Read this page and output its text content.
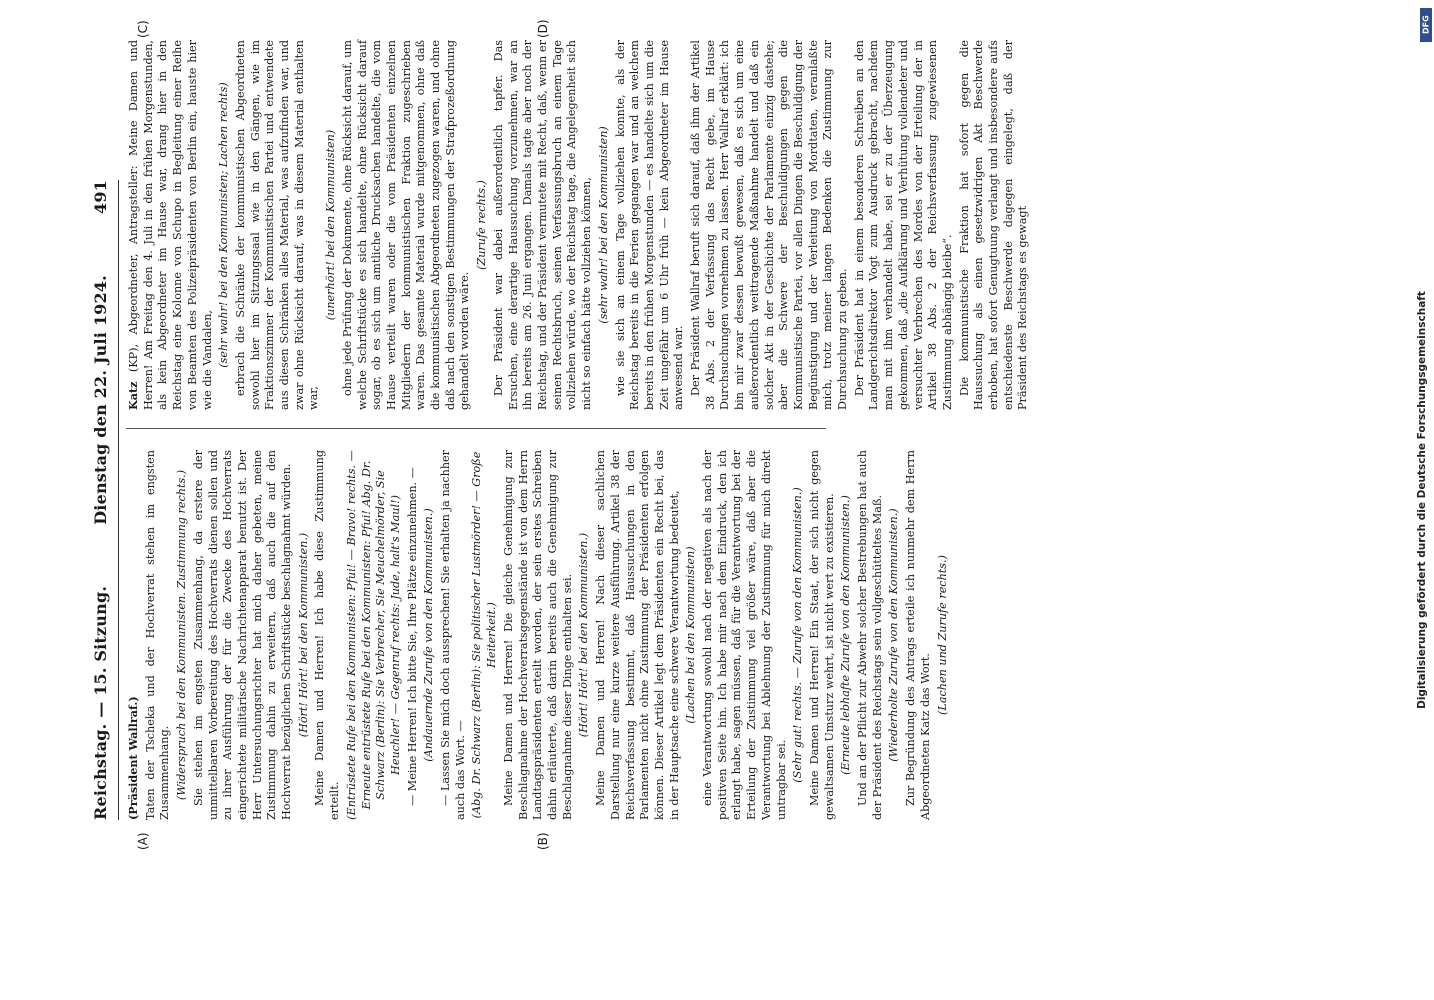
Reichstag. — 15. Sitzung.
Dienstag den 22. Juli 1924.
491
(A)	(B)
(C)	(D)

(Präsident Wallraf.) Taten der Tscheka und der Hochverrat stehen im engsten Zusammenhang. (Widerspruch bei den Kommunisten. Zustimmung rechts.) Sie stehen im engsten Zusammenhang, da erstere der unmittelbaren Vorbereitung des Hochverrats dienen sollen und zu ihrer Ausführung der für die Zwecke des Hochverrats eingerichtete militärische Nachrichtenapparat benutzt ist. Der Herr Untersuchungsrichter hat mich daher gebeten, meine Zustimmung dahin zu erweitern, daß auch die auf den Hochverrat bezüglichen Schriftstücke beschlagnahmt würden. (Hört! Hört! bei den Kommunisten.) Meine Damen und Herren! Ich habe diese Zustimmung erteilt. (Entrüstete Rufe bei den Kommunisten: Pfui! — Bravo! rechts. — Erneute entrüstete Rufe bei den Kommunisten: Pfui! Abg. Dr. Schwarz (Berlin): Sie Verbrecher, Sie Meuchelmörder, Sie Heuchler! — Gegenruf rechts: Jude, halt's Maul!) — Meine Herren! Ich bitte Sie, Ihre Plätze einzunehmen. — (Andauernde Zurufe von den Kommunisten.) — Lassen Sie mich doch aussprechen! Sie erhalten ja nachher auch das Wort. — (Abg. Dr. Schwarz (Berlin): Sie politischer Lustmörder! — Große Heiterkeit.) Meine Damen und Herren! Die gleiche Genehmigung zur Beschlagnahme der Hochverratsgegenstände ist von dem Herrn Landtagspräsidenten erteilt worden, der sein erstes Schreiben dahin erläuterte, daß darin bereits auch die Genehmigung zur Beschlagnahme dieser Dinge enthalten sei. (Hört! Hört! bei den Kommunisten.) Meine Damen und Herren! Nach dieser sachlichen Darstellung nur eine kurze weitere Ausführung. Artikel 38 der Reichsverfassung bestimmt, daß Haussuchungen in den Parlamenten nicht ohne Zustimmung der Präsidenten erfolgen können. Dieser Artikel legt dem Präsidenten ein Recht bei, das in der Hauptsache eine schwere Verantwortung bedeutet, (Lachen bei den Kommunisten) eine Verantwortung sowohl nach der negativen als nach der positiven Seite hin. Ich habe mir nach dem Eindruck, den ich erlangt habe, sagen müssen, daß für die Verantwortung bei der Erteilung der Zustimmung viel größer wäre, daß aber die Verantwortung bei Ablehnung der Zustimmung für mich direkt untragbar sei. (Sehr gut! rechts. — Zurufe von den Kommunisten.) Meine Damen und Herren! Ein Staat, der sich nicht gegen gewaltsamen Umsturz wehrt, ist nicht wert zu existieren. (Erneute lebhafte Zurufe von den Kommunisten.) Und an der Pflicht zur Abwehr solcher Bestrebungen hat auch der Präsident des Reichstags sein vollgeschütteltes Maß. (Wiederholte Zurufe von den Kommunisten.) Zur Begründung des Antrags erteile ich nunmehr dem Herrn Abgeordneten Katz das Wort.

(Lachen und Zurufe rechts.)

Katz (KP), Abgeordneter, Antragsteller: Meine Damen und Herren! Am Freitag den 4. Juli in den frühen Morgenstunden, als kein Abgeordneter im Hause war, drang hier in den Reichstag eine Kolonne von Schupo in Begleitung einer Reihe von Beamten des Polizeipräsidenten von Berlin ein, hauste hier wie die Vandalen, (sehr wahr! bei den Kommunisten; Lachen rechts) erbrach die Schränke der kommunistischen Abgeordneten sowohl hier im Sitzungssaal wie in den Gängen, wie im Fraktionszimmer der Kommunistischen Partei und entwendete aus diesen Schränken alles Material, was aufzufinden war, und zwar ohne Rücksicht darauf, was in diesem Material enthalten war,

(unerhört! bei den Kommunisten) ohne jede Prüfung der Dokumente, ohne Rücksicht darauf, um welche Schriftstücke es sich handelte, ohne Rücksicht darauf sogar, ob es sich um amtliche Drucksachen handelte, die vom Hause verteilt waren oder die vom Präsidenten einzelnen Mitgliedern der kommunistischen Fraktion zugeschrieben waren. Das gesamte Material wurde mitgenommen, ohne daß die kommunistischen Abgeordneten zugezogen waren, und ohne daß nach den sonstigen Bestimmungen der Strafprozeßordnung gehandelt worden wäre.

(Zurufe rechts.) Der Präsident war dabei außerordentlich tapfer. Das Ersuchen, eine derartige Haussuchung vorzunehmen, war an ihn bereits am 26. Juni ergangen. Damals tagte aber noch der Reichstag, und der Präsident vermutete mit Recht, daß, wenn er seinen Rechtsbruch, seinen Verfassungsbruch an einem Tage vollziehen würde, wo der Reichstag tage, die Angelegenheit sich nicht so einfach hätte vollziehen können, (sehr wahr! bei den Kommunisten) wie sie sich an einem Tage vollziehen konnte, als der Reichstag bereits in die Ferien gegangen war und an welchem bereits in den frühen Morgenstunden — es handelte sich um die Zeit ungefähr um 6 Uhr früh — kein Abgeordneter im Hause anwesend war. Der Präsident Wallraf beruft sich darauf, daß ihm der Artikel 38 Abs. 2 der Verfassung das Recht gebe, im Hause Durchsuchungen vornehmen zu lassen. Herr Wallraf erklärt: ich bin mir zwar dessen bewußt gewesen, daß es sich um eine außerordentlich weittragende Maßnahme handelt und daß ein solcher Akt in der Geschichte der Parlamente einzig dastehe; aber die Schwere der Beschuldigungen gegen die Kommunistische Partei, vor allen Dingen die Beschuldigung der Begünstigung und der Verleitung von Mordtaten, veranlaßte mich, trotz meiner langen Bedenken die Zustimmung zur Durchsuchung zu geben. Der Präsident hat in einem besonderen Schreiben an den Landgerichtsdirektor Vogt zum Ausdruck gebracht, nachdem man mit ihm verhandelt habe, sei er zu der Überzeugung gekommen, daß „die Aufklärung und Verhütung vollendeter und versuchter Verbrechen des Mordes von der Erteilung der in Artikel 38 Abs. 2 der Reichsverfassung zugewiesenen Zustimmung abhängig bleibe“. Die kommunistische Fraktion hat sofort gegen die Haussuchung als einen gesetzwidrigen Akt Beschwerde erhoben, hat sofort Genugtuung verlangt und insbesondere aufs entschiedenste Beschwerde dagegen eingelegt, daß der Präsident des Reichstags es gewagt	Digitalisierung gefördert durch die Deutsche Forschungsgemeinschaft
DFG
